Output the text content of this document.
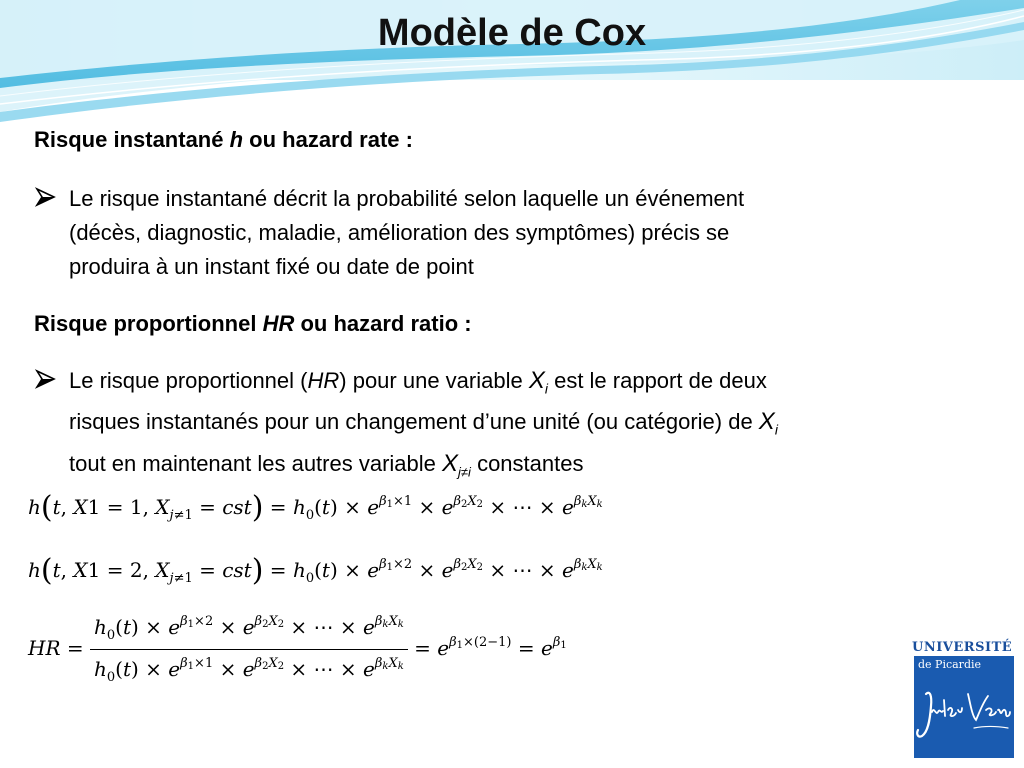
Modèle de Cox
Risque instantané h ou hazard rate :
Le risque instantané décrit la probabilité selon laquelle un événement
(décès, diagnostic, maladie, amélioration des symptômes) précis se
produira à un instant fixé ou date de point
Risque proportionnel HR ou hazard ratio :
Le risque proportionnel (HR) pour une variable $X_i$ est le rapport de deux
risques instantanés pour un changement d’une unité (ou catégorie) de $X_i$
tout en maintenant les autres variable $X_{j\ne i}$ constantes
h(t, X1 = 1, $X_{j\ne 1} = cst) = h_0(t) \times e^{\beta_1\times 1} \times e^{\beta_2X_2}$ × ⋯ × $e^{\beta_kX_k}$
h(t, X1 = 2, $X_{j\ne 1} = cst) = h_0(t) \times e^{\beta_1\times 2} \times e^{\beta_2X_2}$ × ⋯ × $e^{\beta_kX_k}$
HR = $\frac{h_0(t) \times e^{\beta_1\times 2} \times e^{\beta_2X_2} \times \cdots \times e^{\beta_kX_k}}{h_0(t) \times e^{\beta_1\times 1} \times e^{\beta_2X_2} \times \cdots \times e^{\beta_kX_k}} = e^{\beta_1\times(2-1)} = e^{\beta_1}$	UNIVERSITÉ
de Picardie
